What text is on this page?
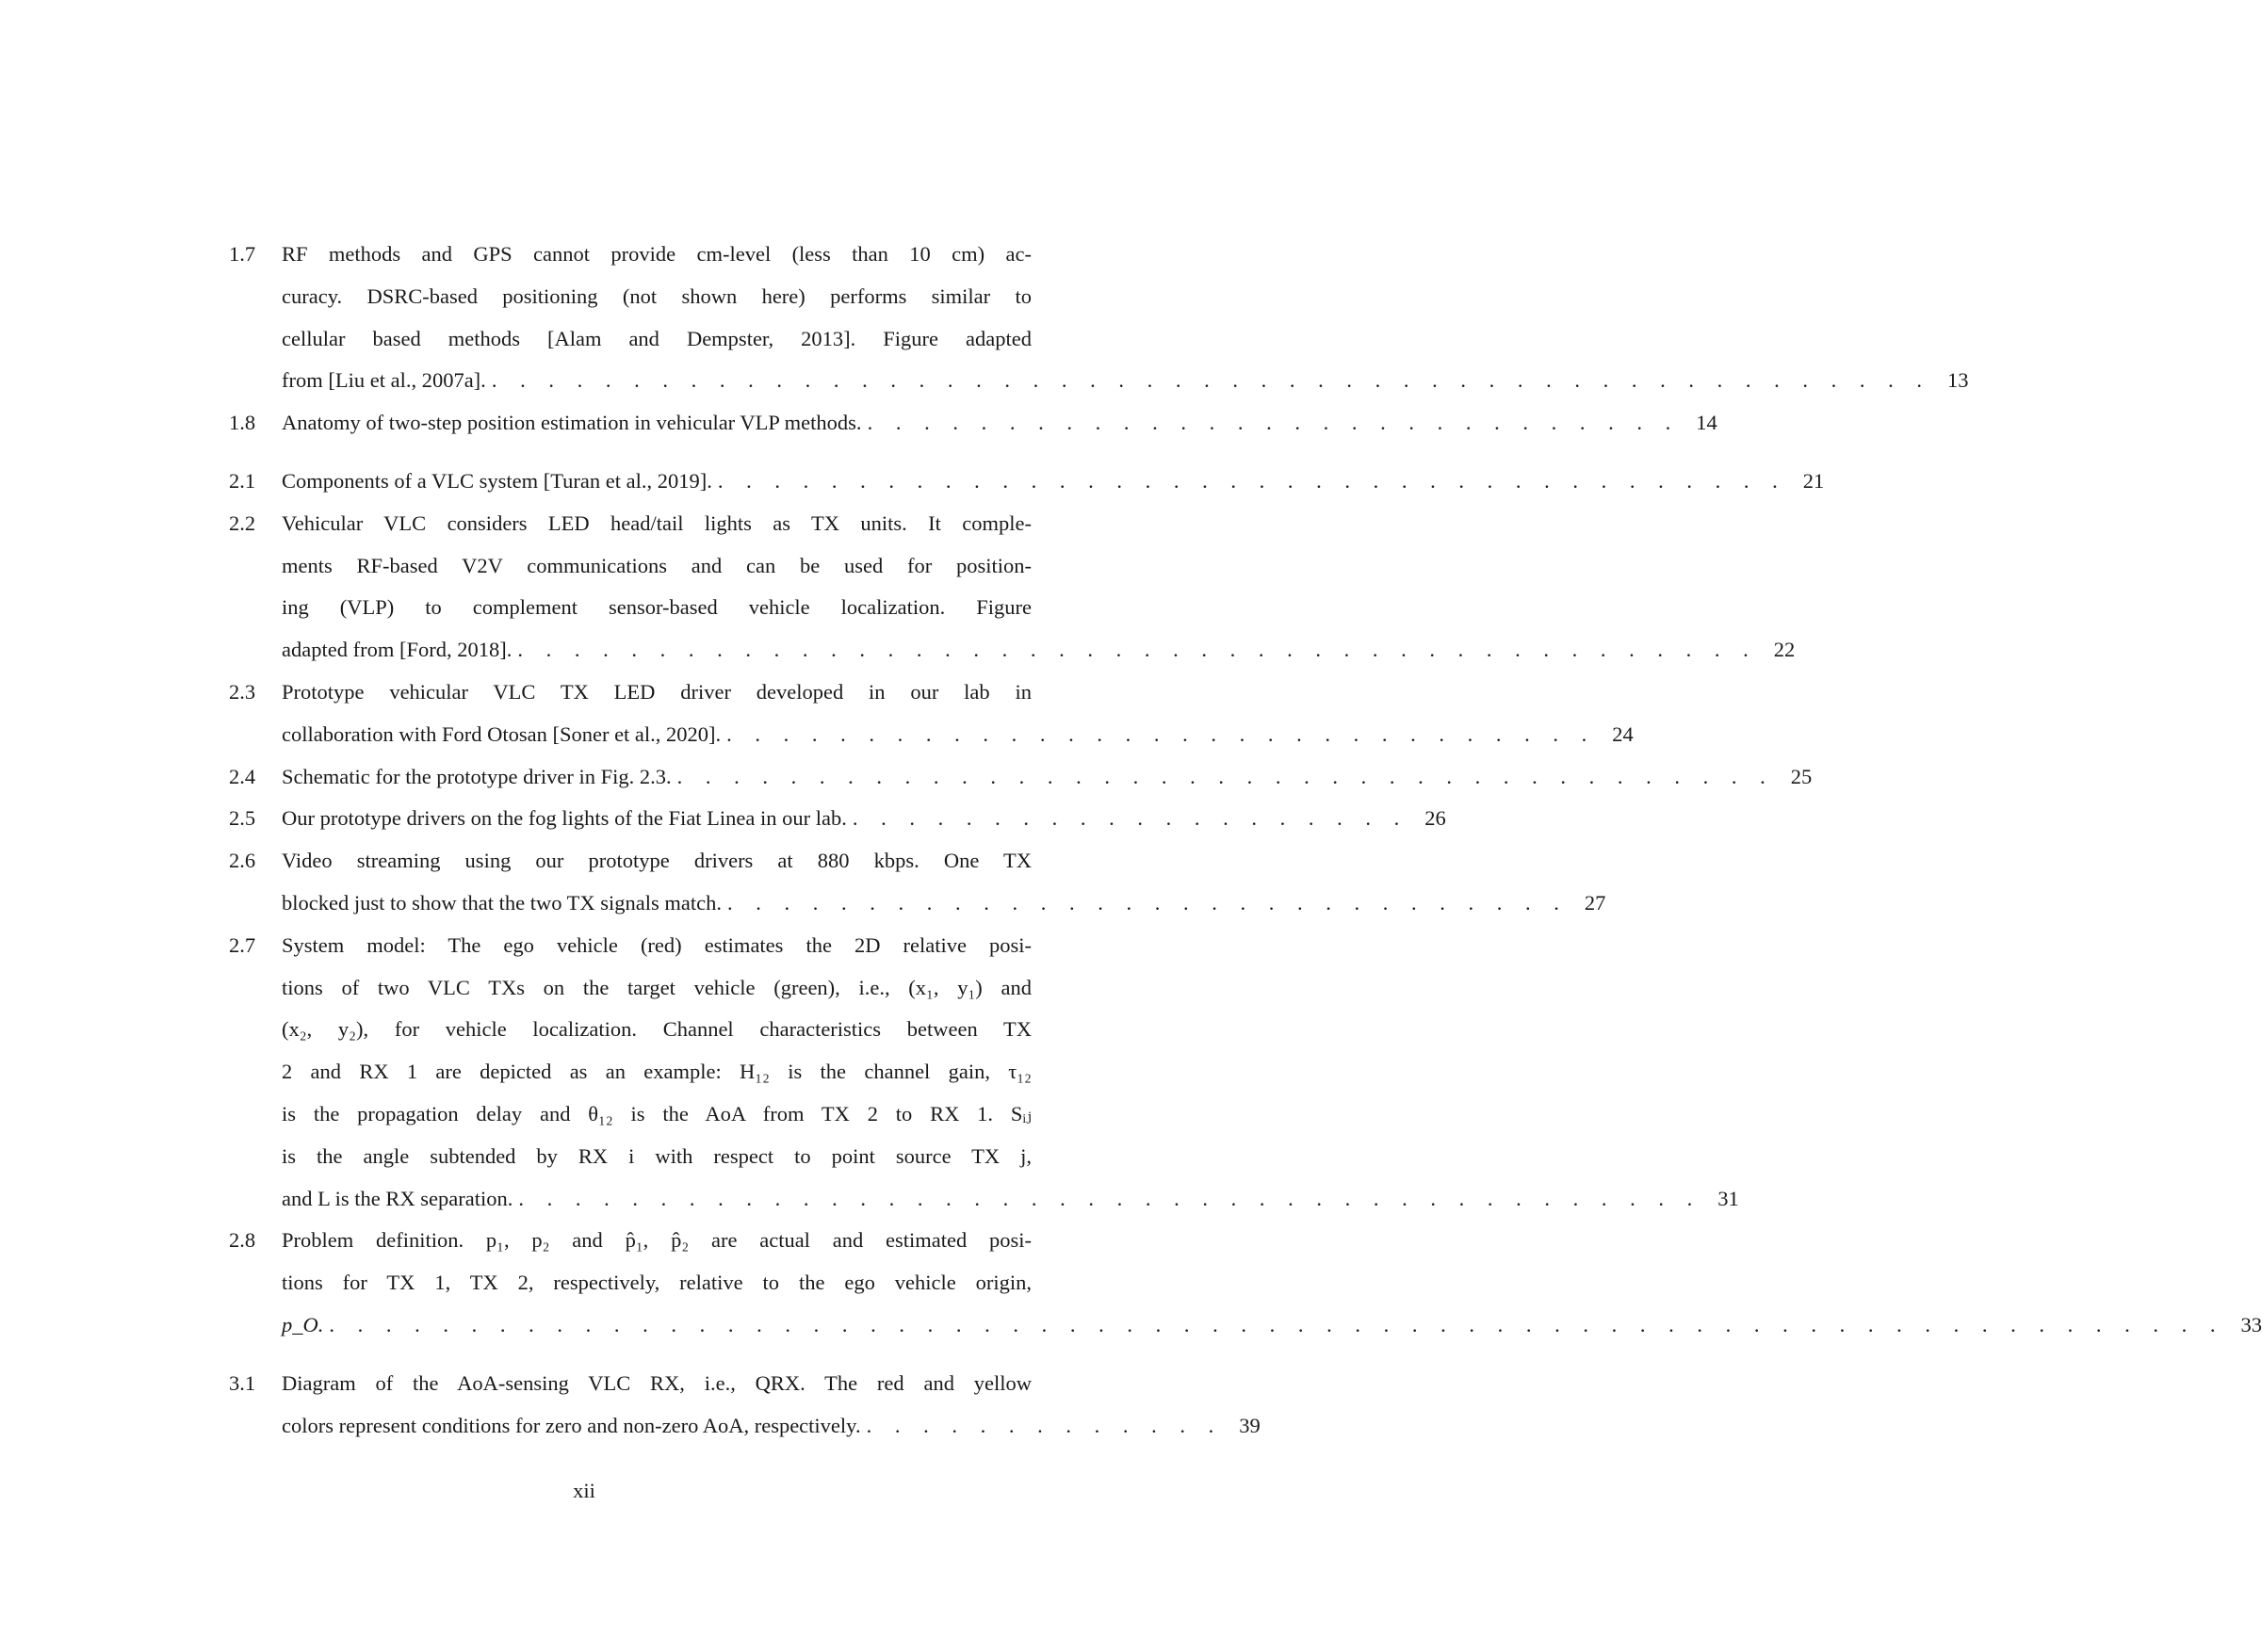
1.7 RF methods and GPS cannot provide cm-level (less than 10 cm) ac-
curacy. DSRC-based positioning (not shown here) performs similar to
cellular based methods [Alam and Dempster, 2013]. Figure adapted
from [Liu et al., 2007a]. . . . . . . . . . . . . . . . . . . . . . . . . . . . . . . . . . . . . . . . . . . . . . . . . . . . 13
1.8 Anatomy of two-step position estimation in vehicular VLP methods. . . . . . . . . . . . . . . . . . . . . . . . . . . . . . 14
2.1 Components of a VLC system [Turan et al., 2019]. . . . . . . . . . . . . . . . . . . . . . . . . . . . . . . . . . . . . . . 21
2.2 Vehicular VLC considers LED head/tail lights as TX units. It comple-
ments RF-based V2V communications and can be used for position-
ing (VLP) to complement sensor-based vehicle localization. Figure
adapted from [Ford, 2018]. . . . . . . . . . . . . . . . . . . . . . . . . . . . . . . . . . . . . . . . . . . . . 22
2.3 Prototype vehicular VLC TX LED driver developed in our lab in
collaboration with Ford Otosan [Soner et al., 2020]. . . . . . . . . . . . . . . . . . . . . . . . . . . . . . . . 24
2.4 Schematic for the prototype driver in Fig. 2.3. . . . . . . . . . . . . . . . . . . . . . . . . . . . . . . . . . . . . . . . 25
2.5 Our prototype drivers on the fog lights of the Fiat Linea in our lab. . . . . . . . . . . . . . . . . . . . . 26
2.6 Video streaming using our prototype drivers at 880 kbps. One TX
blocked just to show that the two TX signals match. . . . . . . . . . . . . . . . . . . . . . . . . . . . . . . 27
2.7 System model: The ego vehicle (red) estimates the 2D relative posi-
tions of two VLC TXs on the target vehicle (green), i.e., (x₁, y₁) and
(x₂, y₂), for vehicle localization. Channel characteristics between TX
2 and RX 1 are depicted as an example: H₁₂ is the channel gain, τ₁₂
is the propagation delay and θ₁₂ is the AoA from TX 2 to RX 1. Sᵢⱼ
is the angle subtended by RX i with respect to point source TX j,
and L is the RX separation. . . . . . . . . . . . . . . . . . . . . . . . . . . . . . . . . . . . . . . . . . . 31
2.8 Problem definition. p₁, p₂ and p̂₁, p̂₂ are actual and estimated posi-
tions for TX 1, TX 2, respectively, relative to the ego vehicle origin,
p_O. . . . . . . . . . . . . . . . . . . . . . . . . . . . . . . . . . . . . . . . . . . . . . . . . . . . . . . . . . . . . . . . . . . . 33
3.1 Diagram of the AoA-sensing VLC RX, i.e., QRX. The red and yellow
colors represent conditions for zero and non-zero AoA, respectively. . . . . . . . . . . . . . 39
xii
